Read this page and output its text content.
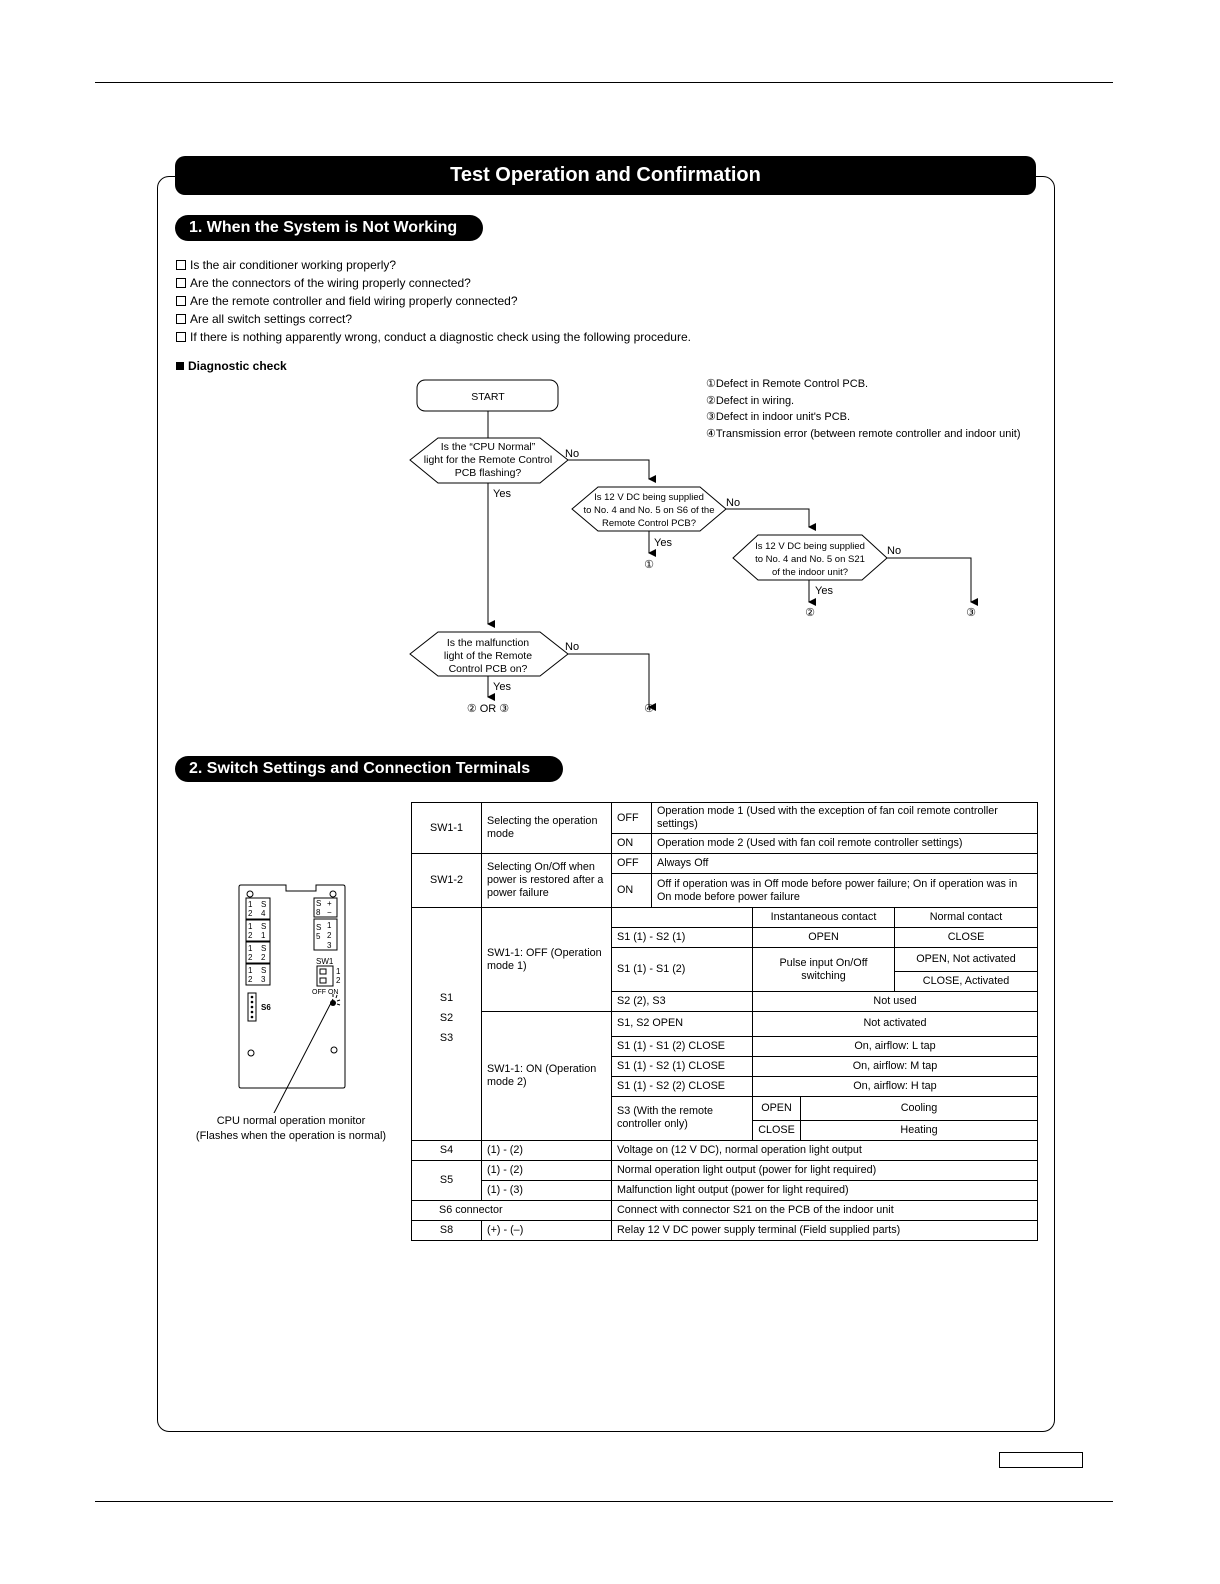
Test Operation and Confirmation
1. When the System is Not Working
Is the air conditioner working properly?
Are the connectors of the wiring properly connected?
Are the remote controller and field wiring properly connected?
Are all switch settings correct?
If there is nothing apparently wrong, conduct a diagnostic check using the following procedure.
Diagnostic check
①Defect in Remote Control PCB.
②Defect in wiring.
③Defect in indoor unit's PCB.
④Transmission error (between remote controller and indoor unit)
START
Is the “CPU Normal”
light for the Remote Control
PCB flashing?
Is 12 V DC being supplied
to No. 4 and No. 5 on S6 of the
Remote Control PCB?
Is 12 V DC being supplied
to No. 4 and No. 5 on S21
of the indoor unit?
Is the malfunction
light of the Remote
Control PCB on?
No
Yes
No
Yes
No
Yes
No
Yes
①
②	③
④
② OR ③
2. Switch Settings and Connection Terminals
1 S
2 4
1 S
2 1
1 S
2 2
1 S
2 3
S +
8 −
S
5
1
2
3
SW1
1
2
OFF ON
S6
CPU normal operation monitor
(Flashes when the operation is normal)
SW1-1	Selecting the operation mode	OFF	Operation mode 1 (Used with the exception of fan coil remote controller settings)			
		ON	Operation mode 2 (Used with fan coil remote controller settings)			
SW1-2	Selecting On/Off when power is restored after a power failure	OFF	Always Off			
		ON	Off if operation was in Off mode before power failure; On if operation was in On mode before power failure			

S1
S2
S3	SW1-1: OFF (Operation mode 1)			Instantaneous contact		Normal contact
		S1 (1) - S2 (1)		OPEN		CLOSE
		S1 (1) - S1 (2)		Pulse input On/Off switching		OPEN, Not activated
						CLOSE, Activated
		S2 (2), S3		Not used		
	SW1-1: ON (Operation mode 2)	S1, S2 OPEN		Not activated		
		S1 (1) - S1 (2) CLOSE		On, airflow: L tap		
		S1 (1) - S2 (1) CLOSE		On, airflow: M tap		
		S1 (1) - S2 (2) CLOSE		On, airflow: H tap		
		S3 (With the remote controller only)		OPEN	Cooling	
				CLOSE	Heating	
S4	(1) - (2)	Voltage on (12 V DC), normal operation light output				
S5	(1) - (2)	Normal operation light output (power for light required)				
	(1) - (3)	Malfunction light output (power for light required)				
S6 connector		Connect with connector S21 on the PCB of the indoor unit				
S8	(+) - (–)	Relay 12 V DC power supply terminal (Field supplied parts)				
